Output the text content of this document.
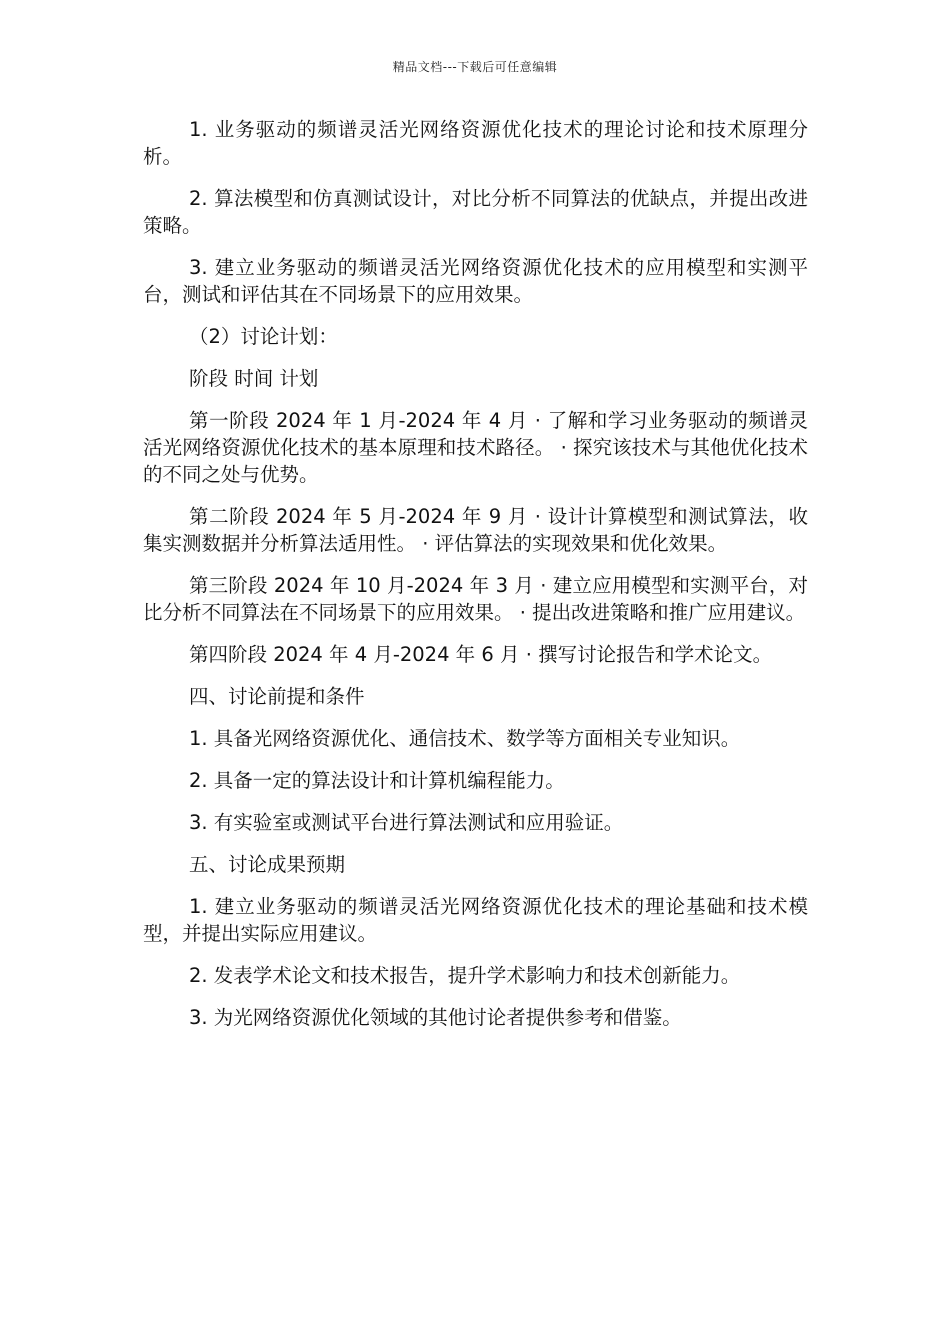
精品文档---下载后可任意编辑

1. 业务驱动的频谱灵活光网络资源优化技术的理论讨论和技术原理分析。

2. 算法模型和仿真测试设计，对比分析不同算法的优缺点，并提出改进策略。

3. 建立业务驱动的频谱灵活光网络资源优化技术的应用模型和实测平台，测试和评估其在不同场景下的应用效果。

（2）讨论计划：

阶段 时间 计划

第一阶段 2024 年 1 月-2024 年 4 月 · 了解和学习业务驱动的频谱灵活光网络资源优化技术的基本原理和技术路径。 · 探究该技术与其他优化技术的不同之处与优势。

第二阶段 2024 年 5 月-2024 年 9 月 · 设计计算模型和测试算法，收集实测数据并分析算法适用性。 · 评估算法的实现效果和优化效果。

第三阶段 2024 年 10 月-2024 年 3 月 · 建立应用模型和实测平台，对比分析不同算法在不同场景下的应用效果。 · 提出改进策略和推广应用建议。

第四阶段 2024 年 4 月-2024 年 6 月 · 撰写讨论报告和学术论文。

四、讨论前提和条件

1. 具备光网络资源优化、通信技术、数学等方面相关专业知识。

2. 具备一定的算法设计和计算机编程能力。

3. 有实验室或测试平台进行算法测试和应用验证。

五、讨论成果预期

1. 建立业务驱动的频谱灵活光网络资源优化技术的理论基础和技术模型，并提出实际应用建议。

2. 发表学术论文和技术报告，提升学术影响力和技术创新能力。

3. 为光网络资源优化领域的其他讨论者提供参考和借鉴。
